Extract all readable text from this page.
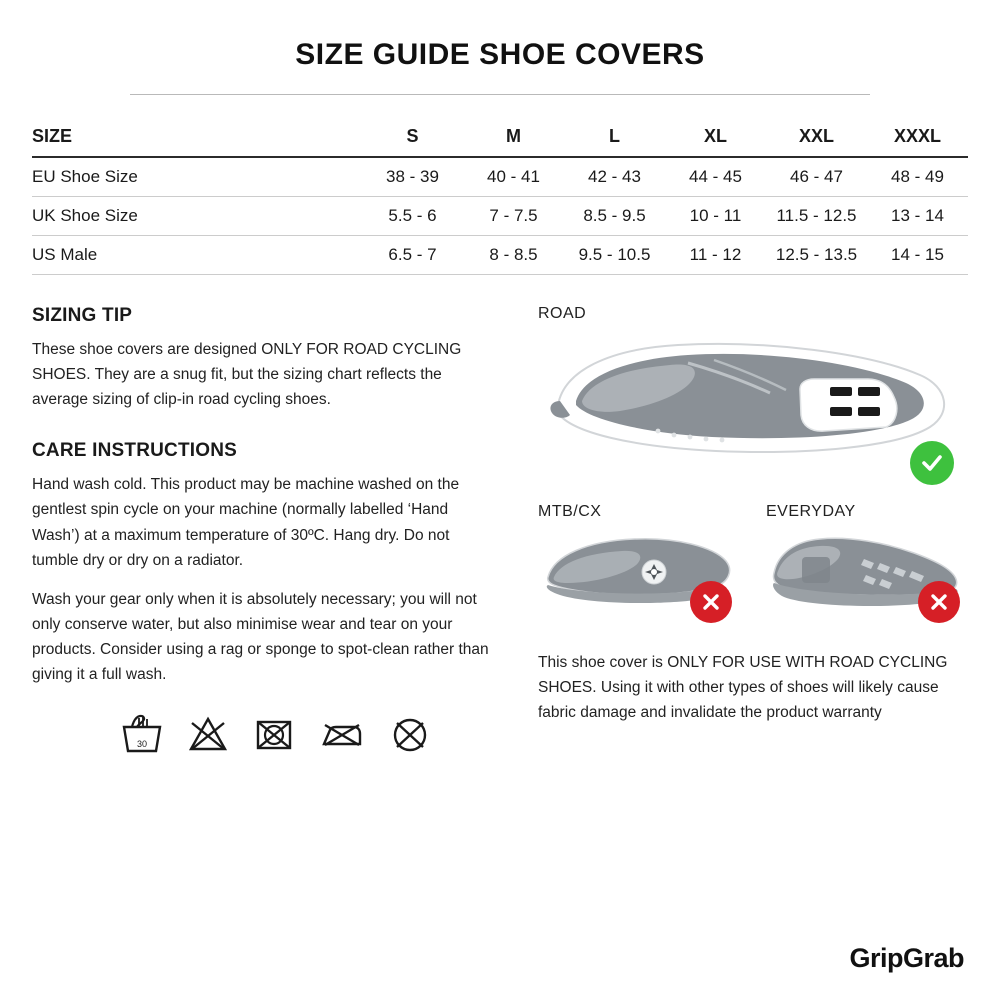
SIZE GUIDE SHOE COVERS
SIZE	S	M	L	XL	XXL	XXXL
EU Shoe Size	38 - 39	40 - 41	42 - 43	44 - 45	46 - 47	48 - 49
UK Shoe Size	5.5 - 6	7 - 7.5	8.5 - 9.5	10 - 11	11.5 - 12.5	13 - 14
US Male	6.5 - 7	8 - 8.5	9.5 - 10.5	11 - 12	12.5 - 13.5	14 - 15
SIZING TIP

These shoe covers are designed ONLY FOR ROAD CYCLING SHOES. They are a snug fit, but the sizing chart reflects the average sizing of clip-in road cycling shoes.

CARE INSTRUCTIONS

Hand wash cold. This product may be machine washed on the gentlest spin cycle on your machine (normally labelled ‘Hand Wash’) at a maximum temperature of 30ºC. Hang dry. Do not tumble dry or dry on a radiator.

Wash your gear only when it is absolutely necessary; you will not only conserve water, but also minimise wear and tear on your products. Consider using a rag or sponge to spot-clean rather than giving it a full wash.

30
ROAD
MTB/CX	EVERYDAY
This shoe cover is ONLY FOR USE WITH ROAD CYCLING SHOES. Using it with other types of shoes will likely cause fabric damage and invalidate the product warranty
GripGrab
